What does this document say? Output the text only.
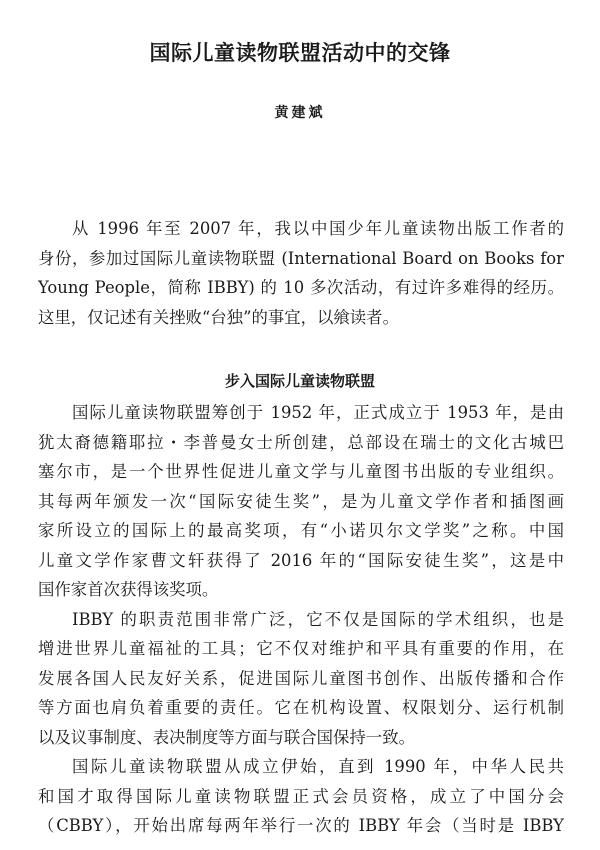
国际儿童读物联盟活动中的交锋
黄建斌
从 1996 年至 2007 年，我以中国少年儿童读物出版工作者的
身份，参加过国际儿童读物联盟 (International Board on Books for
Young People，简称 IBBY) 的 10 多次活动，有过许多难得的经历。
这里，仅记述有关挫败“台独”的事宜，以飨读者。
步入国际儿童读物联盟
国际儿童读物联盟筹创于 1952 年，正式成立于 1953 年，是由
犹太裔德籍耶拉・李普曼女士所创建，总部设在瑞士的文化古城巴
塞尔市，是一个世界性促进儿童文学与儿童图书出版的专业组织。
其每两年颁发一次“国际安徒生奖”，是为儿童文学作者和插图画
家所设立的国际上的最高奖项，有“小诺贝尔文学奖”之称。中国
儿童文学作家曹文轩获得了 2016 年的“国际安徒生奖”，这是中
国作家首次获得该奖项。
IBBY 的职责范围非常广泛，它不仅是国际的学术组织，也是
增进世界儿童福祉的工具；它不仅对维护和平具有重要的作用，在
发展各国人民友好关系，促进国际儿童图书创作、出版传播和合作
等方面也肩负着重要的责任。它在机构设置、权限划分、运行机制
以及议事制度、表决制度等方面与联合国保持一致。
国际儿童读物联盟从成立伊始，直到 1990 年，中华人民共
和国才取得国际儿童读物联盟正式会员资格，成立了中国分会
（CBBY），开始出席每两年举行一次的 IBBY 年会（当时是 IBBY
